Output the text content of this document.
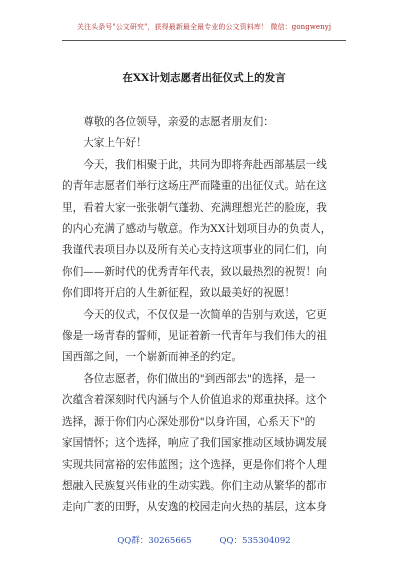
关注头条号"公文研究"，获得最新最全最专业的公文资料库！ 微信：gongwenyj
在XX计划志愿者出征仪式上的发言

尊敬的各位领导，亲爱的志愿者朋友们：

大家上午好！

今天，我们相聚于此，共同为即将奔赴西部基层一线

的青年志愿者们举行这场庄严而隆重的出征仪式。站在这

里，看着大家一张张朝气蓬勃、充满理想光芒的脸庞，我

的内心充满了感动与敬意。作为XX计划项目办的负责人，

我谨代表项目办以及所有关心支持这项事业的同仁们，向

你们——新时代的优秀青年代表，致以最热烈的祝贺！向

你们即将开启的人生新征程，致以最美好的祝愿！

今天的仪式，不仅仅是一次简单的告别与欢送，它更

像是一场青春的誓师，见证着新一代青年与我们伟大的祖

国西部之间，一个崭新而神圣的约定。

各位志愿者，你们做出的"到西部去"的选择，是一

次蕴含着深刻时代内涵与个人价值追求的郑重抉择。这个

选择，源于你们内心深处那份"以身许国，心系天下"的

家国情怀；这个选择，响应了我们国家推动区域协调发展

实现共同富裕的宏伟蓝图；这个选择，更是你们将个人理

想融入民族复兴伟业的生动实践。你们主动从繁华的都市

走向广袤的田野，从安逸的校园走向火热的基层，这本身

QQ群：30265665	QQ：535304092
